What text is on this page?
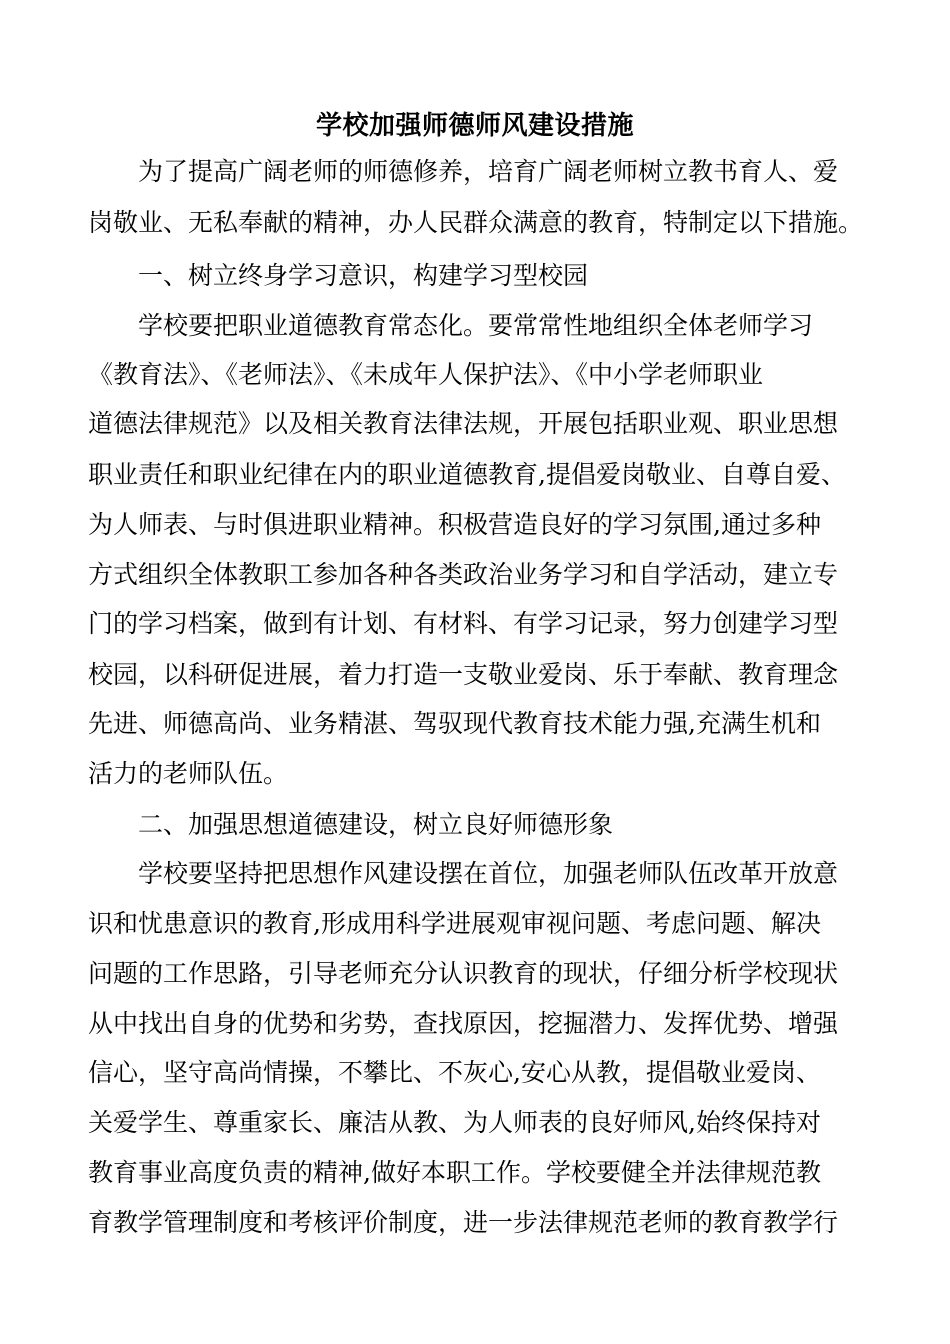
学校加强师德师风建设措施

为了提高广阔老师的师德修养，培育广阔老师树立教书育人、爱

岗敬业、无私奉献的精神，办人民群众满意的教育，特制定以下措施。

一、树立终身学习意识，构建学习型校园

学校要把职业道德教育常态化。要常常性地组织全体老师学习

《教育法》、《老师法》、《未成年人保护法》、《中小学老师职业

道德法律规范》以及相关教育法律法规，开展包括职业观、职业思想

职业责任和职业纪律在内的职业道德教育,提倡爱岗敬业、自尊自爱、

为人师表、与时俱进职业精神。积极营造良好的学习氛围,通过多种

方式组织全体教职工参加各种各类政治业务学习和自学活动，建立专

门的学习档案，做到有计划、有材料、有学习记录，努力创建学习型

校园，以科研促进展，着力打造一支敬业爱岗、乐于奉献、教育理念

先进、师德高尚、业务精湛、驾驭现代教育技术能力强,充满生机和

活力的老师队伍。

二、加强思想道德建设，树立良好师德形象

学校要坚持把思想作风建设摆在首位，加强老师队伍改革开放意

识和忧患意识的教育,形成用科学进展观审视问题、考虑问题、解决

问题的工作思路，引导老师充分认识教育的现状，仔细分析学校现状

从中找出自身的优势和劣势，查找原因，挖掘潜力、发挥优势、增强

信心，坚守高尚情操，不攀比、不灰心,安心从教，提倡敬业爱岗、

关爱学生、尊重家长、廉洁从教、为人师表的良好师风,始终保持对

教育事业高度负责的精神,做好本职工作。学校要健全并法律规范教

育教学管理制度和考核评价制度，进一步法律规范老师的教育教学行
